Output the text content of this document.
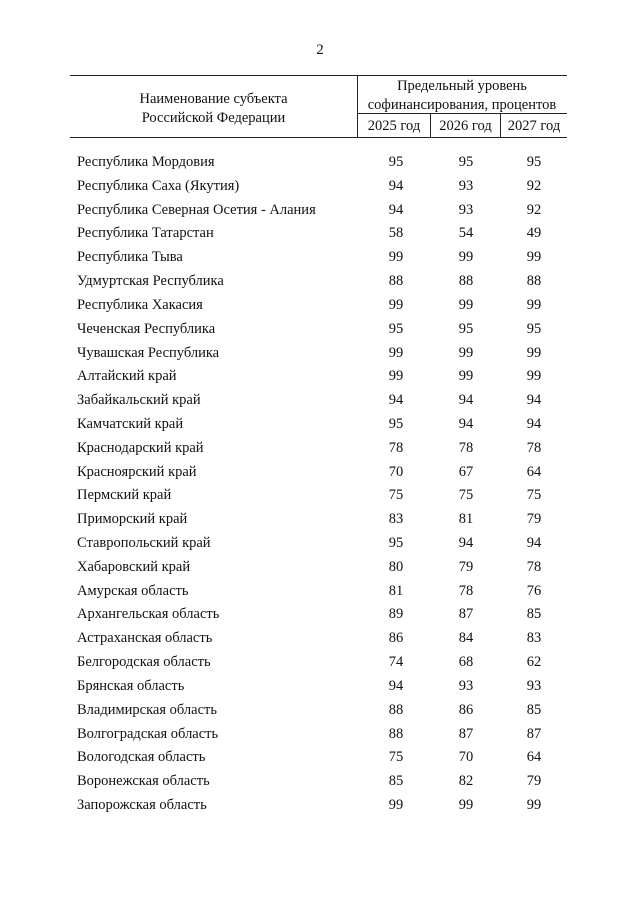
2
Наименование субъекта
Российской Федерации
Предельный уровень
софинансирования, процентов
2025 год	2026 год	2027 год
Республика Мордовия	95	95	95
Республика Саха (Якутия)	94	93	92
Республика Северная Осетия - Алания	94	93	92
Республика Татарстан	58	54	49
Республика Тыва	99	99	99
Удмуртская Республика	88	88	88
Республика Хакасия	99	99	99
Чеченская Республика	95	95	95
Чувашская Республика	99	99	99
Алтайский край	99	99	99
Забайкальский край	94	94	94
Камчатский край	95	94	94
Краснодарский край	78	78	78
Красноярский край	70	67	64
Пермский край	75	75	75
Приморский край	83	81	79
Ставропольский край	95	94	94
Хабаровский край	80	79	78
Амурская область	81	78	76
Архангельская область	89	87	85
Астраханская область	86	84	83
Белгородская область	74	68	62
Брянская область	94	93	93
Владимирская область	88	86	85
Волгоградская область	88	87	87
Вологодская область	75	70	64
Воронежская область	85	82	79
Запорожская область	99	99	99
